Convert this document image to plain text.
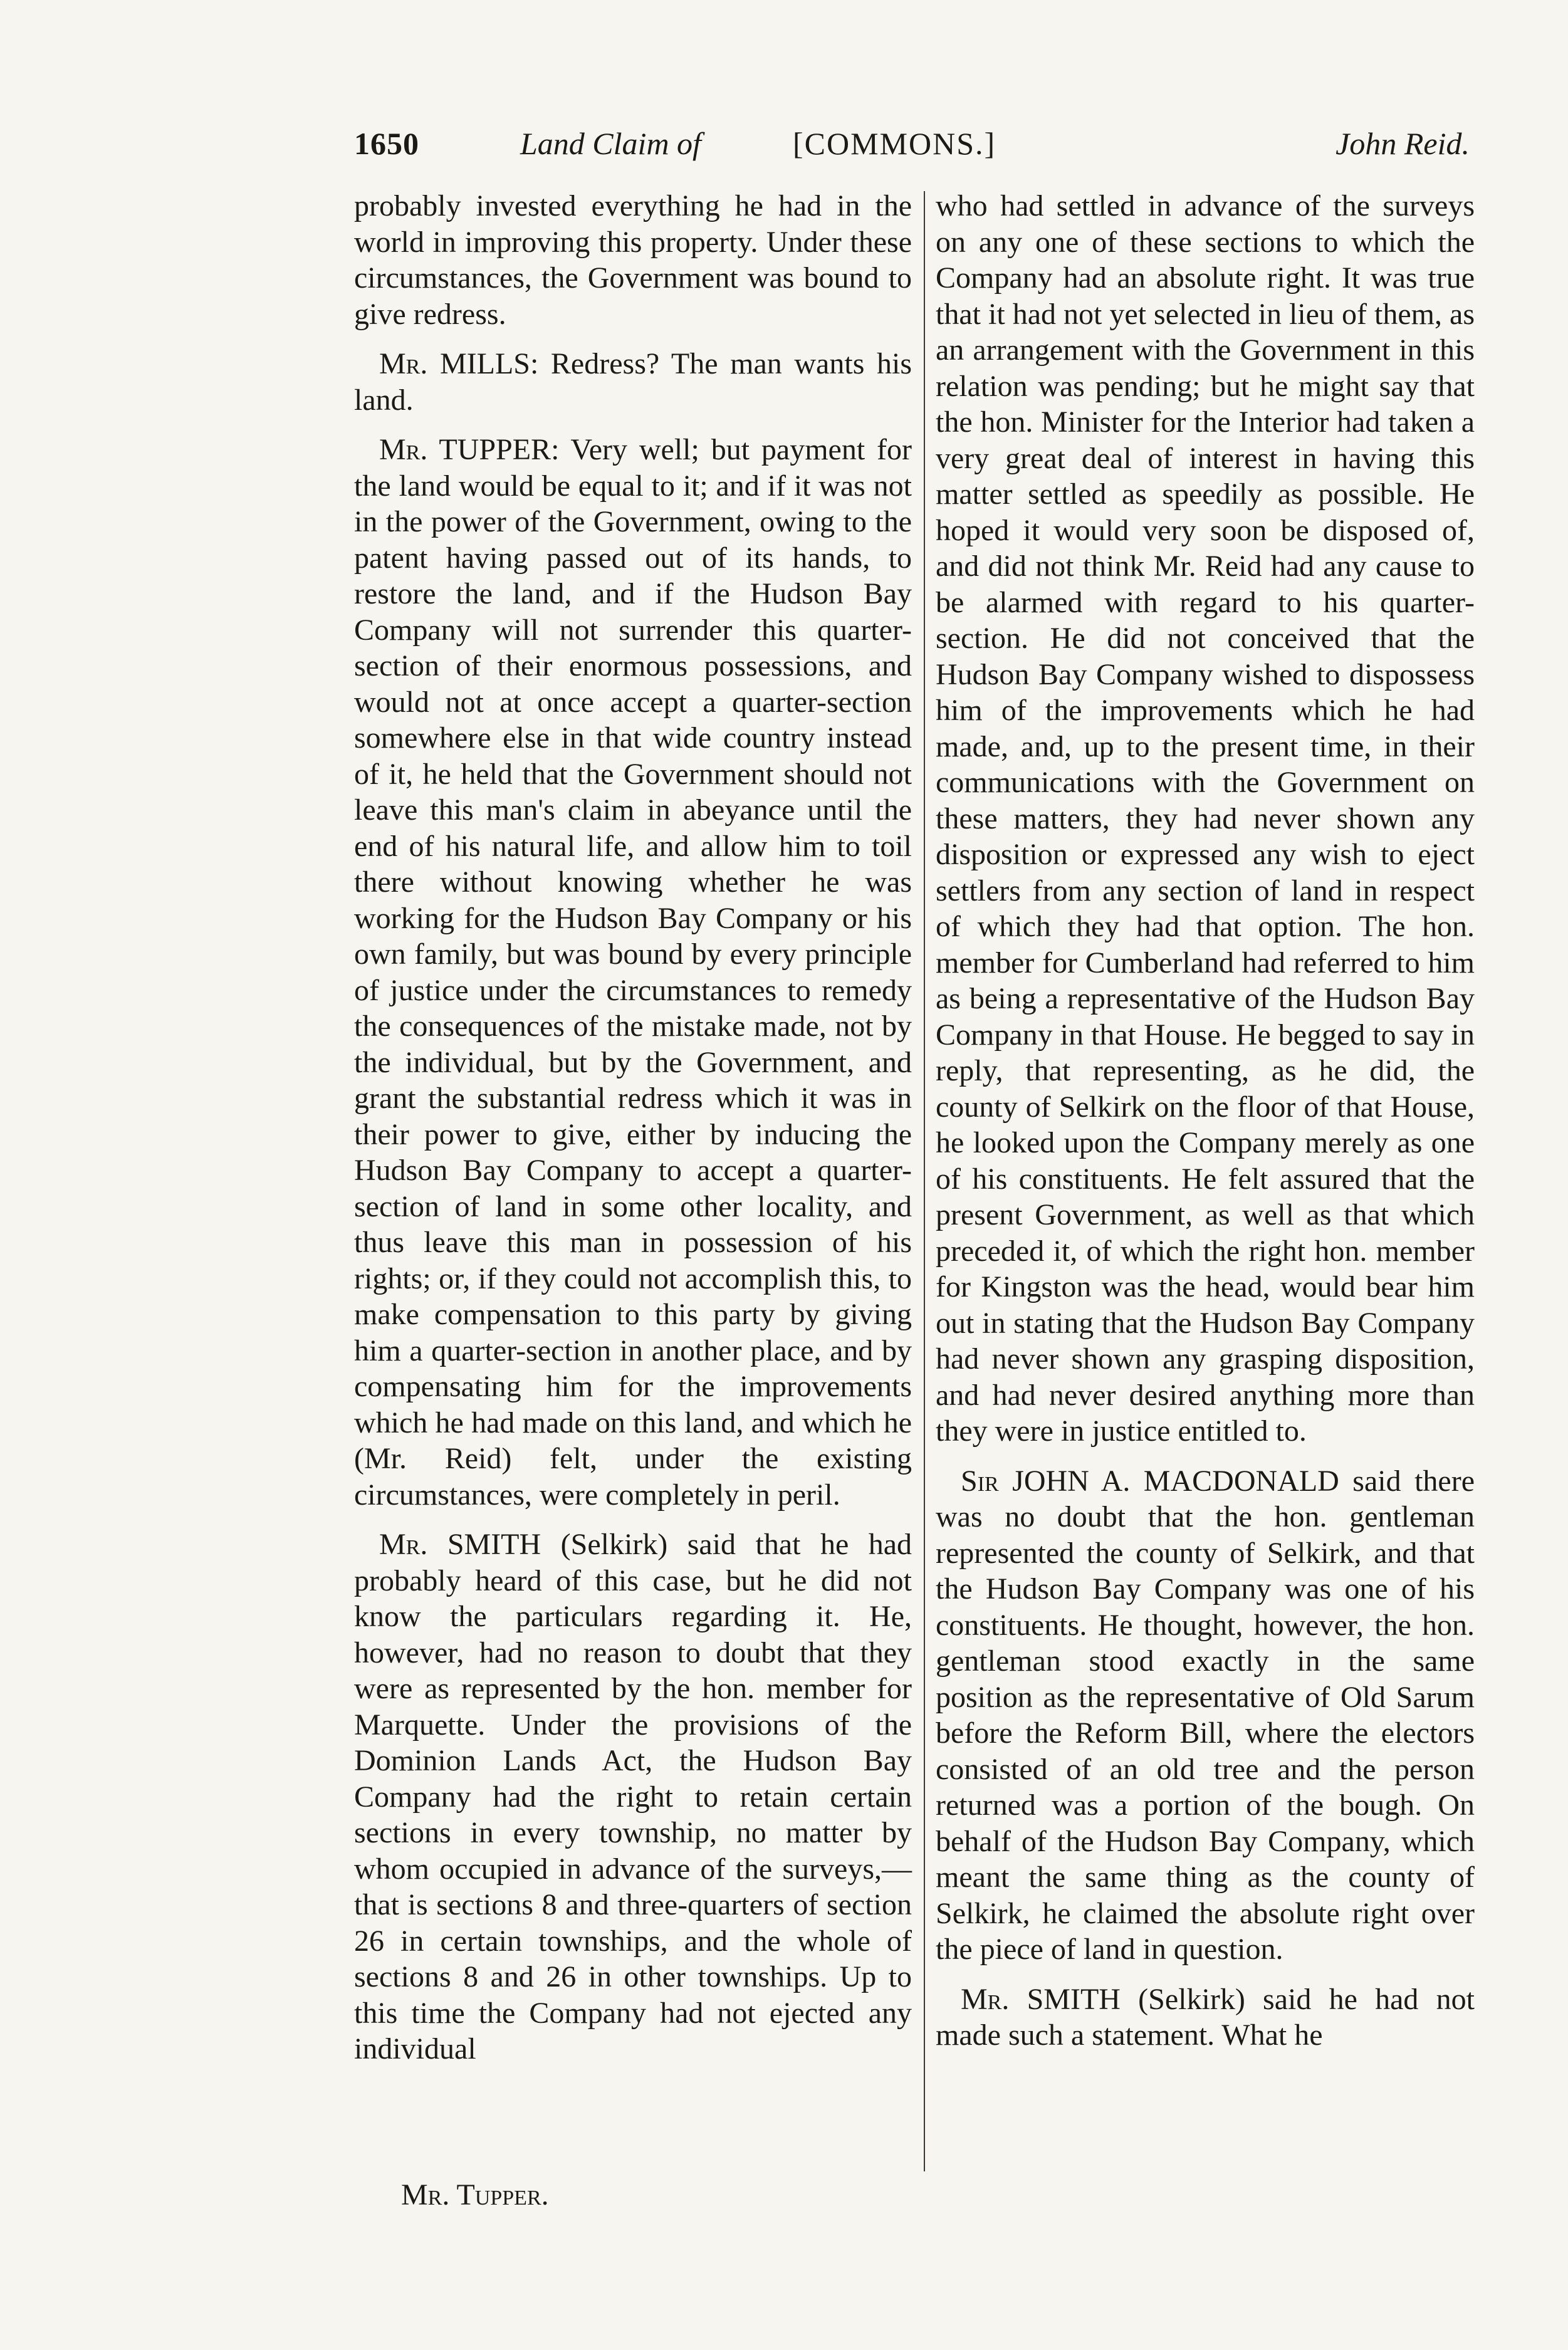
1650	Land Claim of	[COMMONS.]	John Reid.

probably invested everything he had in the world in improving this property. Under these circumstances, the Government was bound to give redress.

Mr. MILLS: Redress? The man wants his land.

Mr. TUPPER: Very well; but payment for the land would be equal to it; and if it was not in the power of the Government, owing to the patent having passed out of its hands, to restore the land, and if the Hudson Bay Company will not surrender this quarter-section of their enormous possessions, and would not at once accept a quarter-section somewhere else in that wide country instead of it, he held that the Government should not leave this man's claim in abeyance until the end of his natural life, and allow him to toil there without knowing whether he was working for the Hudson Bay Company or his own family, but was bound by every principle of justice under the circumstances to remedy the consequences of the mistake made, not by the individual, but by the Government, and grant the substantial redress which it was in their power to give, either by inducing the Hudson Bay Company to accept a quarter-section of land in some other locality, and thus leave this man in possession of his rights; or, if they could not accomplish this, to make compensation to this party by giving him a quarter-section in another place, and by compensating him for the improvements which he had made on this land, and which he (Mr. Reid) felt, under the existing circumstances, were completely in peril.

Mr. SMITH (Selkirk) said that he had probably heard of this case, but he did not know the particulars regarding it. He, however, had no reason to doubt that they were as represented by the hon. member for Marquette. Under the provisions of the Dominion Lands Act, the Hudson Bay Company had the right to retain certain sections in every township, no matter by whom occupied in advance of the surveys,—that is sections 8 and three-quarters of section 26 in certain townships, and the whole of sections 8 and 26 in other townships. Up to this time the Company had not ejected any individual

who had settled in advance of the surveys on any one of these sections to which the Company had an absolute right. It was true that it had not yet selected in lieu of them, as an arrangement with the Government in this relation was pending; but he might say that the hon. Minister for the Interior had taken a very great deal of interest in having this matter settled as speedily as possible. He hoped it would very soon be disposed of, and did not think Mr. Reid had any cause to be alarmed with regard to his quarter-section. He did not conceived that the Hudson Bay Company wished to dispossess him of the improvements which he had made, and, up to the present time, in their communications with the Government on these matters, they had never shown any disposition or expressed any wish to eject settlers from any section of land in respect of which they had that option. The hon. member for Cumberland had referred to him as being a representative of the Hudson Bay Company in that House. He begged to say in reply, that representing, as he did, the county of Selkirk on the floor of that House, he looked upon the Company merely as one of his constituents. He felt assured that the present Government, as well as that which preceded it, of which the right hon. member for Kingston was the head, would bear him out in stating that the Hudson Bay Company had never shown any grasping disposition, and had never desired anything more than they were in justice entitled to.

Sir JOHN A. MACDONALD said there was no doubt that the hon. gentleman represented the county of Selkirk, and that the Hudson Bay Company was one of his constituents. He thought, however, the hon. gentleman stood exactly in the same position as the representative of Old Sarum before the Reform Bill, where the electors consisted of an old tree and the person returned was a portion of the bough. On behalf of the Hudson Bay Company, which meant the same thing as the county of Selkirk, he claimed the absolute right over the piece of land in question.

Mr. SMITH (Selkirk) said he had not made such a statement. What he

Mr. Tupper.
